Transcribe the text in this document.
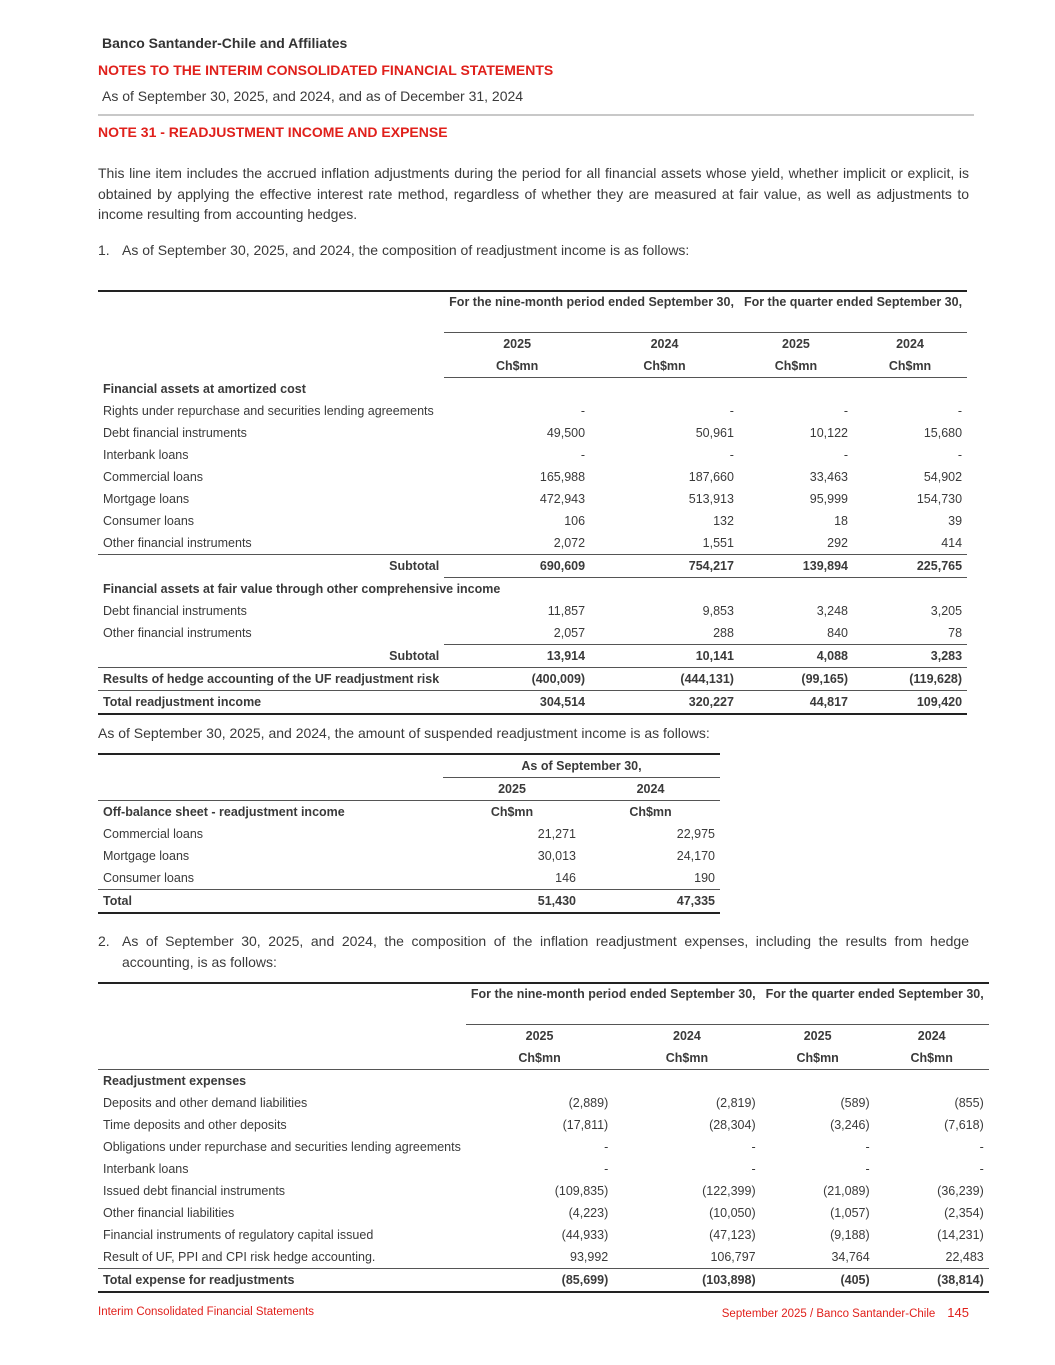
Banco Santander-Chile and Affiliates
NOTES TO THE INTERIM CONSOLIDATED FINANCIAL STATEMENTS
As of September 30, 2025, and 2024, and as of December 31, 2024
NOTE 31 - READJUSTMENT INCOME AND EXPENSE
This line item includes the accrued inflation adjustments during the period for all financial assets whose yield, whether implicit or explicit, is obtained by applying the effective interest rate method, regardless of whether they are measured at fair value, as well as adjustments to income resulting from accounting hedges.
1. As of September 30, 2025, and 2024, the composition of readjustment income is as follows:
	For the nine-month period ended September 30,		For the quarter ended September 30,	
	2025	2024		2025	2024
	Ch$mn	Ch$mn		Ch$mn	Ch$mn
Financial assets at amortized cost				
Rights under repurchase and securities lending agreements	-	-		-	-
Debt financial instruments	49,500	50,961		10,122	15,680
Interbank loans	-	-		-	-
Commercial loans	165,988	187,660		33,463	54,902
Mortgage loans	472,943	513,913		95,999	154,730
Consumer loans	106	132		18	39
Other financial instruments	2,072	1,551		292	414
Subtotal	690,609	754,217		139,894	225,765
Financial assets at fair value through other comprehensive income				
Debt financial instruments	11,857	9,853		3,248	3,205
Other financial instruments	2,057	288		840	78
Subtotal	13,914	10,141		4,088	3,283
Results of hedge accounting of the UF readjustment risk	(400,009)	(444,131)		(99,165)	(119,628)
Total readjustment income	304,514	320,227		44,817	109,420
As of September 30, 2025, and 2024, the amount of suspended readjustment income is as follows:
	As of September 30,	
	2025	2024
Off-balance sheet - readjustment income	Ch$mn	Ch$mn
Commercial loans	21,271	22,975
Mortgage loans	30,013	24,170
Consumer loans	146	190
Total	51,430	47,335
2. As of September 30, 2025, and 2024, the composition of the inflation readjustment expenses, including the results from hedge accounting, is as follows:
	For the nine-month period ended September 30,		For the quarter ended September 30,	
	2025	2024		2025	2024
	Ch$mn	Ch$mn		Ch$mn	Ch$mn
Readjustment expenses				
Deposits and other demand liabilities	(2,889)	(2,819)		(589)	(855)
Time deposits and other deposits	(17,811)	(28,304)		(3,246)	(7,618)
Obligations under repurchase and securities lending agreements	-	-		-	-
Interbank loans	-	-		-	-
Issued debt financial instruments	(109,835)	(122,399)		(21,089)	(36,239)
Other financial liabilities	(4,223)	(10,050)		(1,057)	(2,354)
Financial instruments of regulatory capital issued	(44,933)	(47,123)		(9,188)	(14,231)
Result of UF, PPI and CPI risk hedge accounting.	93,992	106,797		34,764	22,483
Total expense for readjustments	(85,699)	(103,898)		(405)	(38,814)
Interim Consolidated Financial Statements	September 2025 / Banco Santander-Chile 145
